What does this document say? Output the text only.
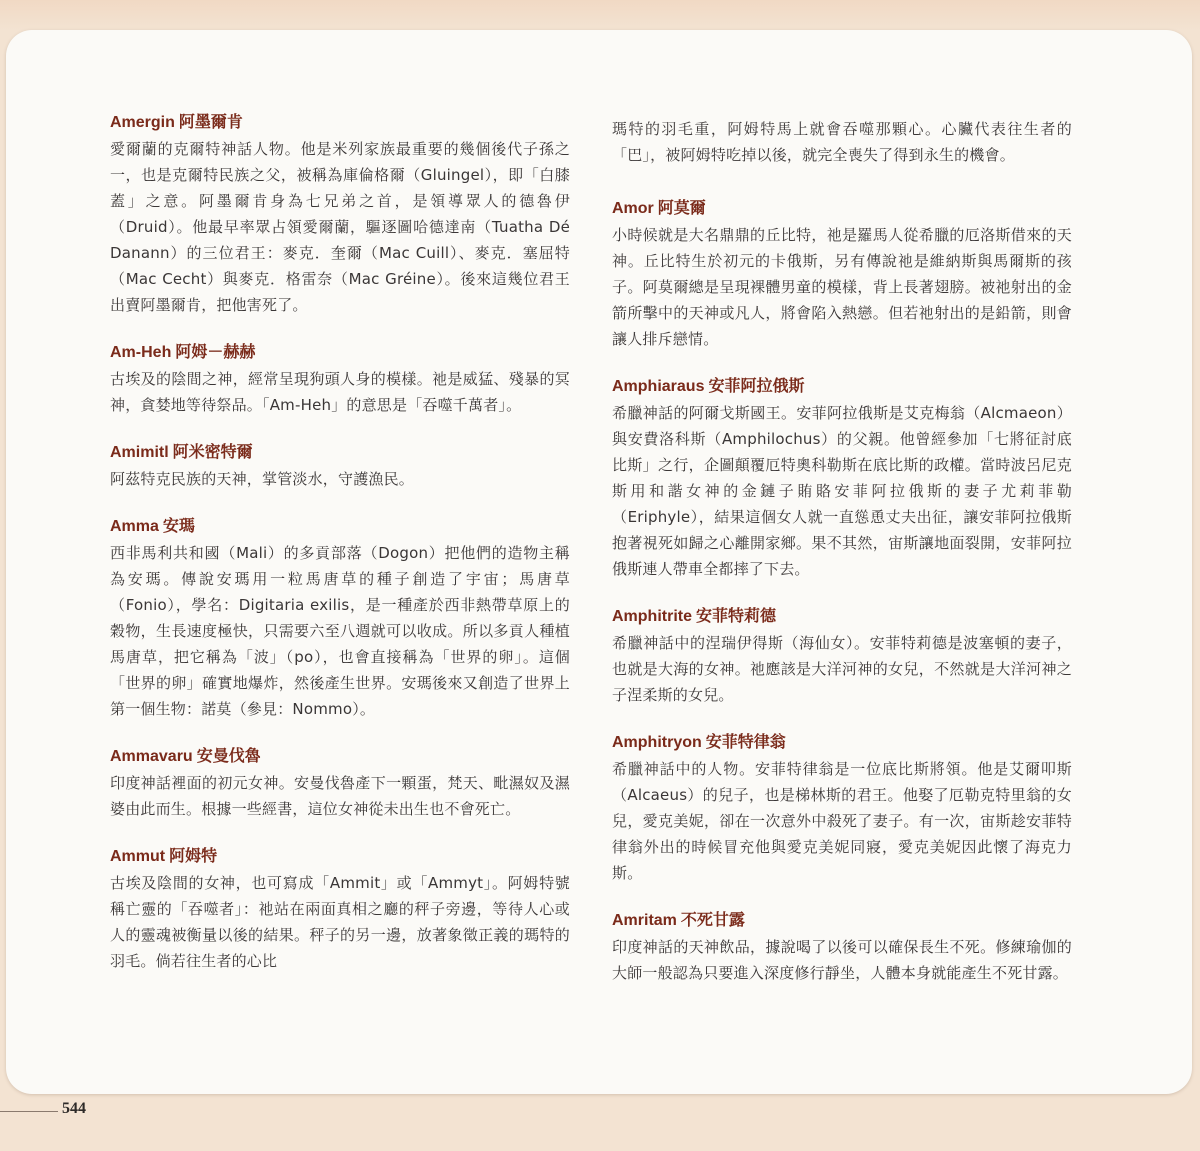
Amergin 阿墨爾肯
愛爾蘭的克爾特神話人物。他是米列家族最重要的幾個後代子孫之一，也是克爾特民族之父，被稱為庫倫格爾（Gluingel），即「白膝蓋」之意。阿墨爾肯身為七兄弟之首，是領導眾人的德魯伊（Druid）。他最早率眾占領愛爾蘭，驅逐圖哈德達南（Tuatha Dé Danann）的三位君王：麥克．奎爾（Mac Cuill）、麥克．塞屈特（Mac Cecht）與麥克．格雷奈（Mac Gréine）。後來這幾位君王出賣阿墨爾肯，把他害死了。
Am-Heh 阿姆－赫赫
古埃及的陰間之神，經常呈現狗頭人身的模樣。祂是威猛、殘暴的冥神，貪婪地等待祭品。「Am-Heh」的意思是「吞噬千萬者」。
Amimitl 阿米密特爾
阿茲特克民族的天神，掌管淡水，守護漁民。
Amma 安瑪
西非馬利共和國（Mali）的多貢部落（Dogon）把他們的造物主稱為安瑪。傳說安瑪用一粒馬唐草的種子創造了宇宙；馬唐草（Fonio），學名：Digitaria exilis，是一種產於西非熱帶草原上的穀物，生長速度極快，只需要六至八週就可以收成。所以多貢人種植馬唐草，把它稱為「波」（po），也會直接稱為「世界的卵」。這個「世界的卵」確實地爆炸，然後產生世界。安瑪後來又創造了世界上第一個生物：諾莫（參見：Nommo）。
Ammavaru 安曼伐魯
印度神話裡面的初元女神。安曼伐魯產下一顆蛋，梵天、毗濕奴及濕婆由此而生。根據一些經書，這位女神從未出生也不會死亡。
Ammut 阿姆特
古埃及陰間的女神，也可寫成「Ammit」或「Ammyt」。阿姆特號稱亡靈的「吞噬者」：祂站在兩面真相之廳的秤子旁邊，等待人心或人的靈魂被衡量以後的結果。秤子的另一邊，放著象徵正義的瑪特的羽毛。倘若往生者的心比
瑪特的羽毛重，阿姆特馬上就會吞噬那顆心。心臟代表往生者的「巴」，被阿姆特吃掉以後，就完全喪失了得到永生的機會。
Amor 阿莫爾
小時候就是大名鼎鼎的丘比特，祂是羅馬人從希臘的厄洛斯借來的天神。丘比特生於初元的卡俄斯，另有傳說祂是維納斯與馬爾斯的孩子。阿莫爾總是呈現裸體男童的模樣，背上長著翅膀。被祂射出的金箭所擊中的天神或凡人，將會陷入熱戀。但若祂射出的是鉛箭，則會讓人排斥戀情。
Amphiaraus 安菲阿拉俄斯
希臘神話的阿爾戈斯國王。安菲阿拉俄斯是艾克梅翁（Alcmaeon）與安費洛科斯（Amphilochus）的父親。他曾經參加「七將征討底比斯」之行，企圖顛覆厄特奧科勒斯在底比斯的政權。當時波呂尼克斯用和諧女神的金鏈子賄賂安菲阿拉俄斯的妻子尤莉菲勒（Eriphyle），結果這個女人就一直慫恿丈夫出征，讓安菲阿拉俄斯抱著視死如歸之心離開家鄉。果不其然，宙斯讓地面裂開，安菲阿拉俄斯連人帶車全都摔了下去。
Amphitrite 安菲特莉德
希臘神話中的涅瑞伊得斯（海仙女）。安菲特莉德是波塞頓的妻子，也就是大海的女神。祂應該是大洋河神的女兒，不然就是大洋河神之子涅柔斯的女兒。
Amphitryon 安菲特律翁
希臘神話中的人物。安菲特律翁是一位底比斯將領。他是艾爾叩斯（Alcaeus）的兒子，也是梯林斯的君王。他娶了厄勒克特里翁的女兒，愛克美妮，卻在一次意外中殺死了妻子。有一次，宙斯趁安菲特律翁外出的時候冒充他與愛克美妮同寢，愛克美妮因此懷了海克力斯。
Amritam 不死甘露
印度神話的天神飲品，據說喝了以後可以確保長生不死。修練瑜伽的大師一般認為只要進入深度修行靜坐，人體本身就能產生不死甘露。
544
